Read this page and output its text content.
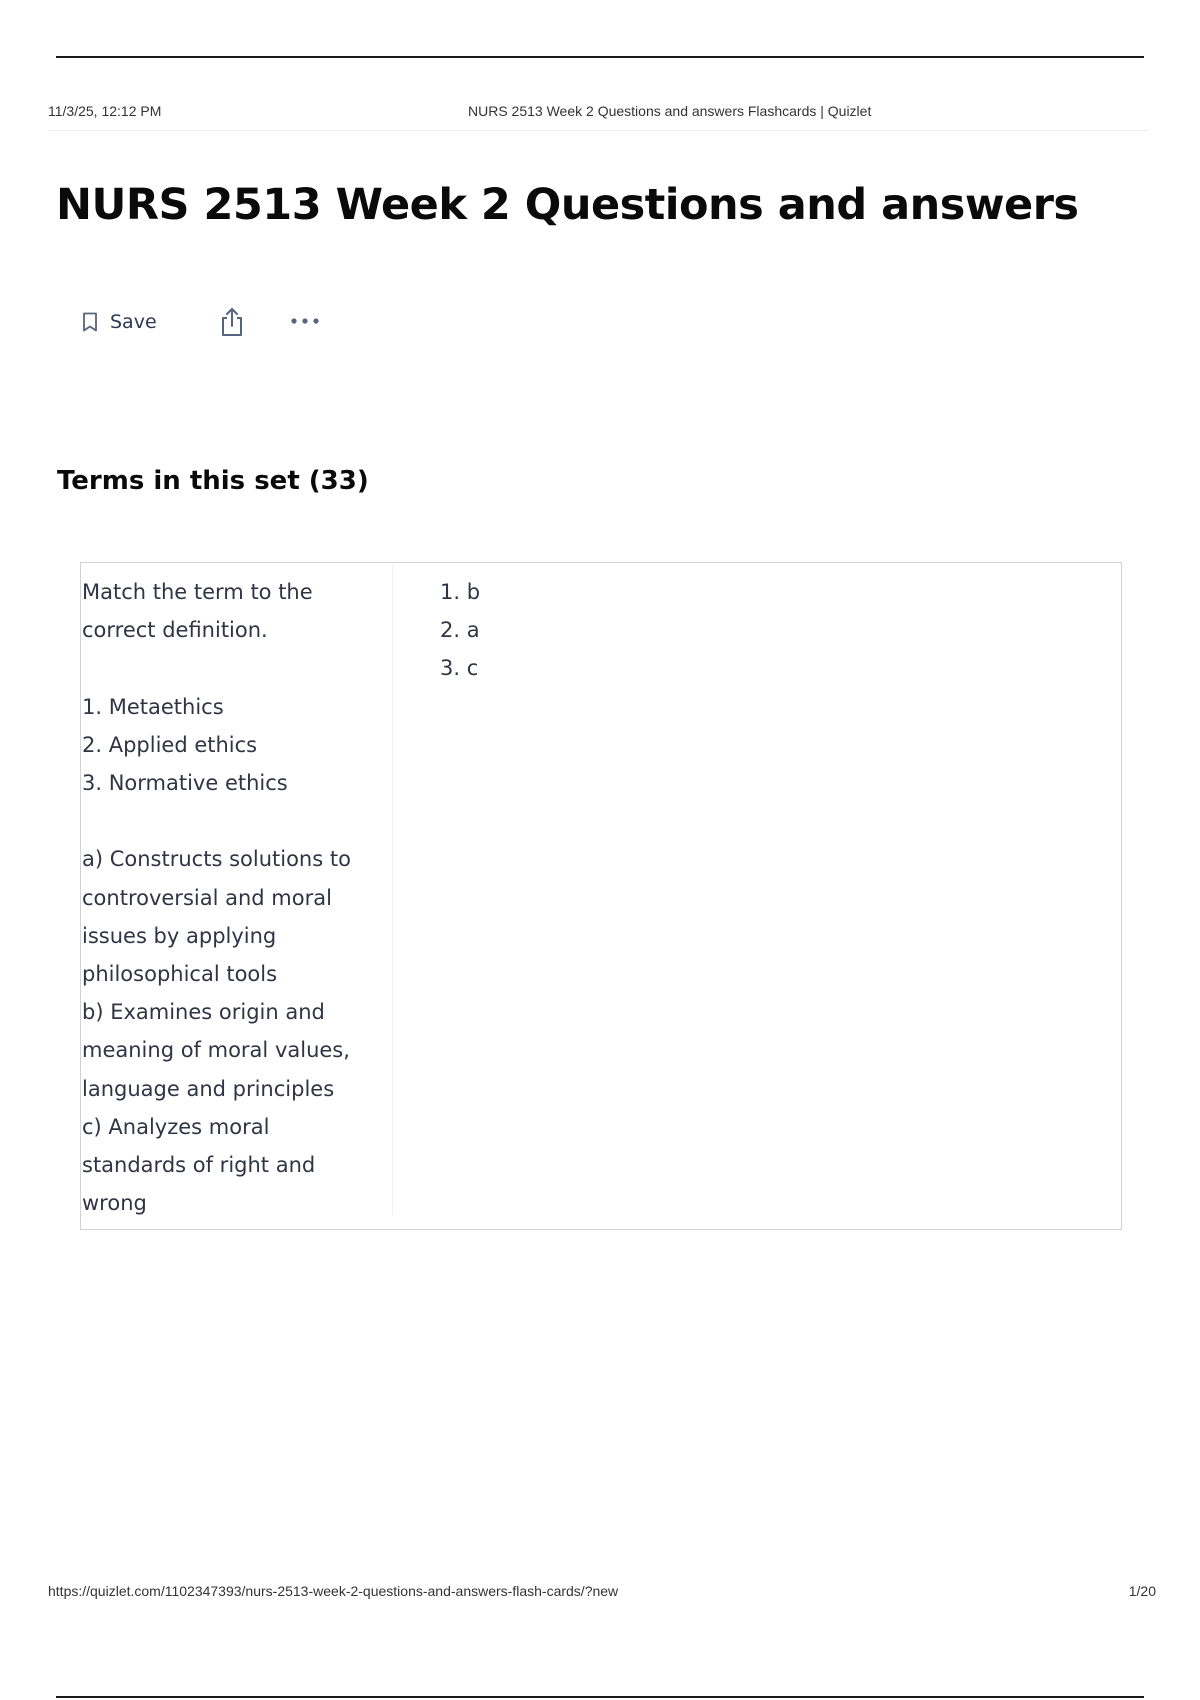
11/3/25, 12:12 PM	NURS 2513 Week 2 Questions and answers Flashcards | Quizlet
NURS 2513 Week 2 Questions and answers
Save
Terms in this set (33)
Match the term to the
correct definition.

1. Metaethics
2. Applied ethics
3. Normative ethics

a) Constructs solutions to
controversial and moral
issues by applying
philosophical tools
b) Examines origin and
meaning of moral values,
language and principles
c) Analyzes moral
standards of right and
wrong
1. b
2. a
3. c
https://quizlet.com/1102347393/nurs-2513-week-2-questions-and-answers-flash-cards/?new	1/20
